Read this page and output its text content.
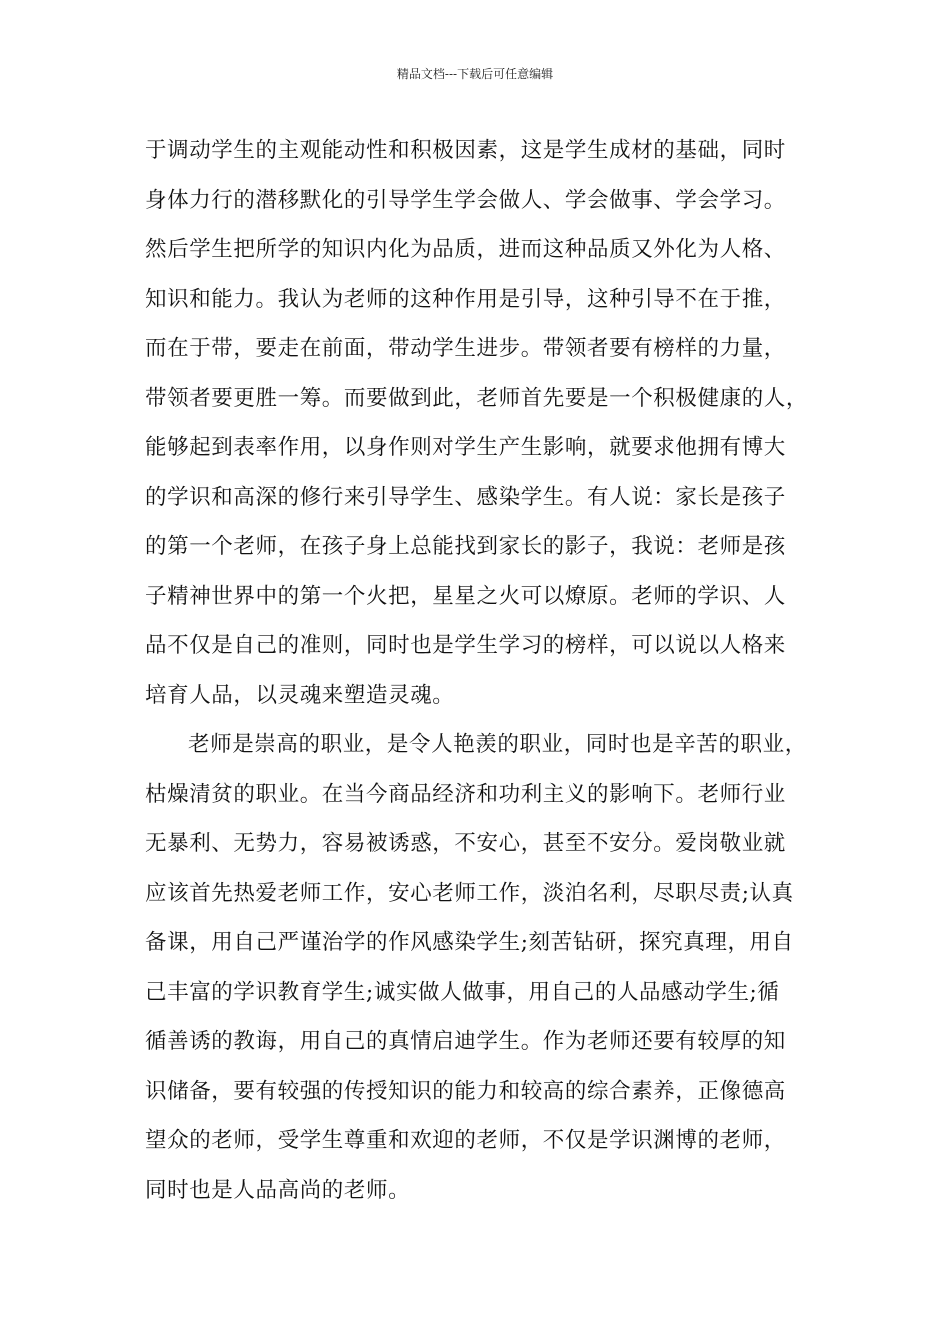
精品文档---下载后可任意编辑
于调动学生的主观能动性和积极因素，这是学生成材的基础，同时
身体力行的潜移默化的引导学生学会做人、学会做事、学会学习。
然后学生把所学的知识内化为品质，进而这种品质又外化为人格、
知识和能力。我认为老师的这种作用是引导，这种引导不在于推，
而在于带，要走在前面，带动学生进步。带领者要有榜样的力量，
带领者要更胜一筹。而要做到此，老师首先要是一个积极健康的人，
能够起到表率作用，以身作则对学生产生影响，就要求他拥有博大
的学识和高深的修行来引导学生、感染学生。有人说：家长是孩子
的第一个老师，在孩子身上总能找到家长的影子，我说：老师是孩
子精神世界中的第一个火把，星星之火可以燎原。老师的学识、人
品不仅是自己的准则，同时也是学生学习的榜样，可以说以人格来
培育人品，以灵魂来塑造灵魂。
老师是崇高的职业，是令人艳羡的职业，同时也是辛苦的职业，
枯燥清贫的职业。在当今商品经济和功利主义的影响下。老师行业
无暴利、无势力，容易被诱惑，不安心，甚至不安分。爱岗敬业就
应该首先热爱老师工作，安心老师工作，淡泊名利，尽职尽责;认真
备课，用自己严谨治学的作风感染学生;刻苦钻研，探究真理，用自
己丰富的学识教育学生;诚实做人做事，用自己的人品感动学生;循
循善诱的教诲，用自己的真情启迪学生。作为老师还要有较厚的知
识储备，要有较强的传授知识的能力和较高的综合素养，正像德高
望众的老师，受学生尊重和欢迎的老师，不仅是学识渊博的老师，
同时也是人品高尚的老师。
